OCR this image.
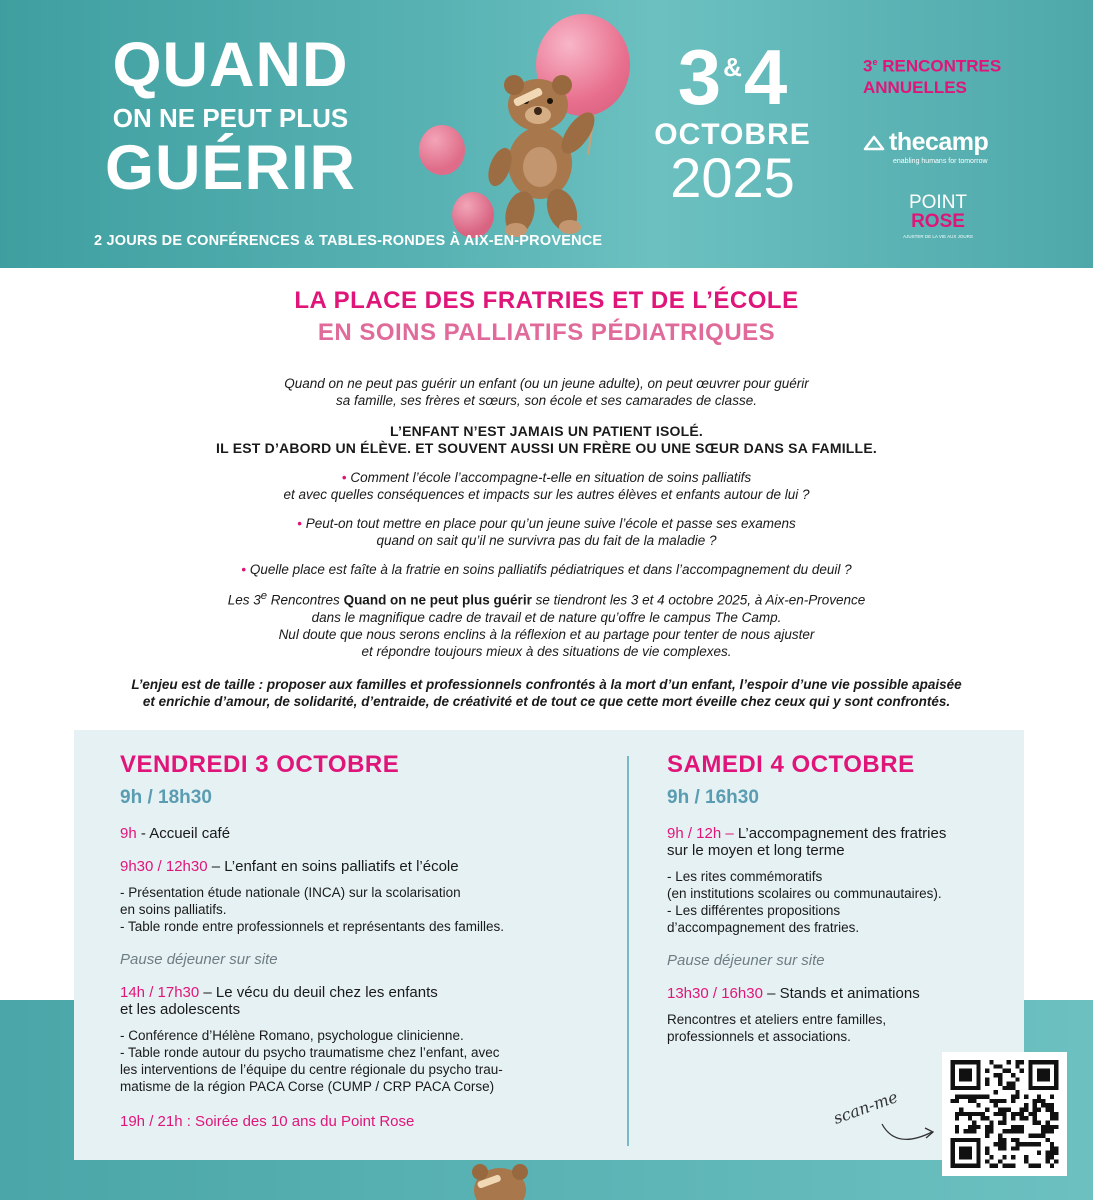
QUAND
ON NE PEUT PLUS
GUÉRIR
3&4
OCTOBRE
2025
3e RENCONTRES
ANNUELLES
thecamp
enabling humans for tomorrow
POINT
ROSE
AJUSTER DE LA VIE AUX JOURS
2 JOURS DE CONFÉRENCES & TABLES-RONDES À AIX-EN-PROVENCE
LA PLACE DES FRATRIES ET DE L’ÉCOLE
EN SOINS PALLIATIFS PÉDIATRIQUES
Quand on ne peut pas guérir un enfant (ou un jeune adulte), on peut œuvrer pour guérir
sa famille, ses frères et sœurs, son école et ses camarades de classe.
L’ENFANT N’EST JAMAIS UN PATIENT ISOLÉ.
IL EST D’ABORD UN ÉLÈVE. ET SOUVENT AUSSI UN FRÈRE OU UNE SŒUR DANS SA FAMILLE.
• Comment l’école l’accompagne-t-elle en situation de soins palliatifs
et avec quelles conséquences et impacts sur les autres élèves et enfants autour de lui ?
• Peut-on tout mettre en place pour qu’un jeune suive l’école et passe ses examens
quand on sait qu’il ne survivra pas du fait de la maladie ?
• Quelle place est faîte à la fratrie en soins palliatifs pédiatriques et dans l’accompagnement du deuil ?
Les 3e Rencontres Quand on ne peut plus guérir se tiendront les 3 et 4 octobre 2025, à Aix-en-Provence
dans le magnifique cadre de travail et de nature qu’offre le campus The Camp.
Nul doute que nous serons enclins à la réflexion et au partage pour tenter de nous ajuster
et répondre toujours mieux à des situations de vie complexes.
L’enjeu est de taille : proposer aux familles et professionnels confrontés à la mort d’un enfant, l’espoir d’une vie possible apaisée
et enrichie d’amour, de solidarité, d’entraide, de créativité et de tout ce que cette mort éveille chez ceux qui y sont confrontés.
VENDREDI 3 OCTOBRE
9h / 18h30
9h - Accueil café
9h30 / 12h30 – L’enfant en soins palliatifs et l’école
- Présentation étude nationale (INCA) sur la scolarisation
en soins palliatifs.
- Table ronde entre professionnels et représentants des familles.
Pause déjeuner sur site
14h / 17h30 – Le vécu du deuil chez les enfants
et les adolescents
- Conférence d’Hélène Romano, psychologue clinicienne.
- Table ronde autour du psycho traumatisme chez l’enfant, avec
les interventions de l’équipe du centre régionale du psycho trau-
matisme de la région PACA Corse (CUMP / CRP PACA Corse)
19h / 21h : Soirée des 10 ans du Point Rose
SAMEDI 4 OCTOBRE
9h / 16h30
9h / 12h – L’accompagnement des fratries
sur le moyen et long terme
- Les rites commémoratifs
(en institutions scolaires ou communautaires).
- Les différentes propositions
d’accompagnement des fratries.
Pause déjeuner sur site
13h30 / 16h30 – Stands et animations
Rencontres et ateliers entre familles,
professionnels et associations.
scan-me
